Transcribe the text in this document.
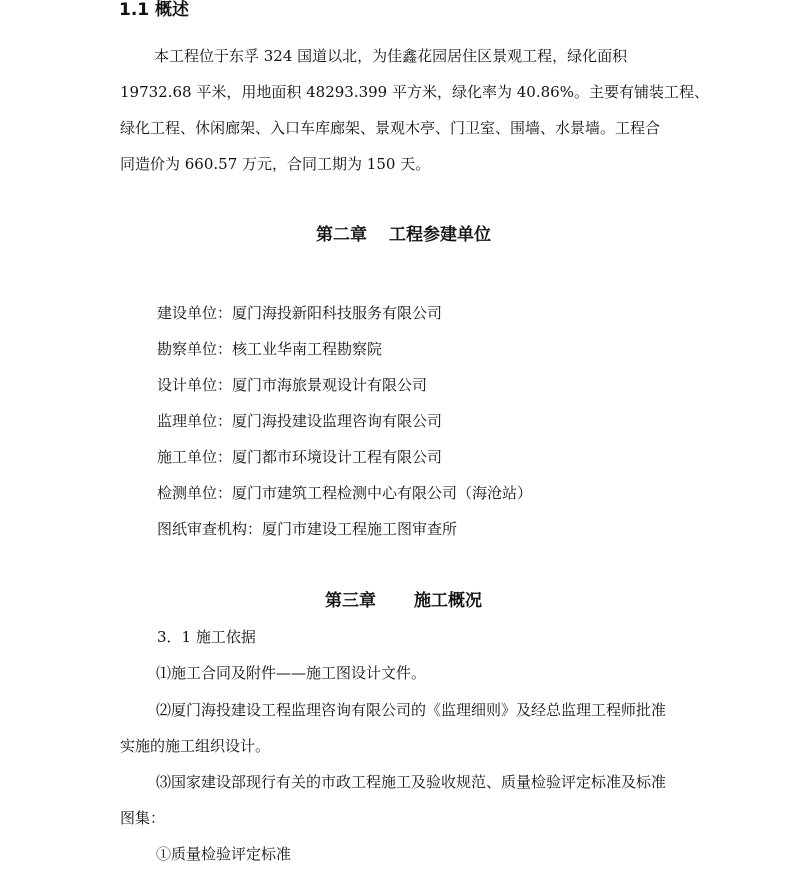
1.1 概述
本工程位于东孚 324 国道以北，为佳鑫花园居住区景观工程，绿化面积
19732.68 平米，用地面积 48293.399 平方米，绿化率为 40.86%。主要有铺装工程、
绿化工程、休闲廊架、入口车库廊架、景观木亭、门卫室、围墙、水景墙。工程合
同造价为 660.57 万元，合同工期为 150 天。
第二章 工程参建单位
建设单位：厦门海投新阳科技服务有限公司
勘察单位：核工业华南工程勘察院
设计单位：厦门市海旅景观设计有限公司
监理单位：厦门海投建设监理咨询有限公司
施工单位：厦门都市环境设计工程有限公司
检测单位：厦门市建筑工程检测中心有限公司（海沧站）
图纸审查机构：厦门市建设工程施工图审查所
第三章 施工概况
3．1 施工依据
⑴施工合同及附件——施工图设计文件。
⑵厦门海投建设工程监理咨询有限公司的《监理细则》及经总监理工程师批准
实施的施工组织设计。
⑶国家建设部现行有关的市政工程施工及验收规范、质量检验评定标准及标准
图集：
①质量检验评定标准
